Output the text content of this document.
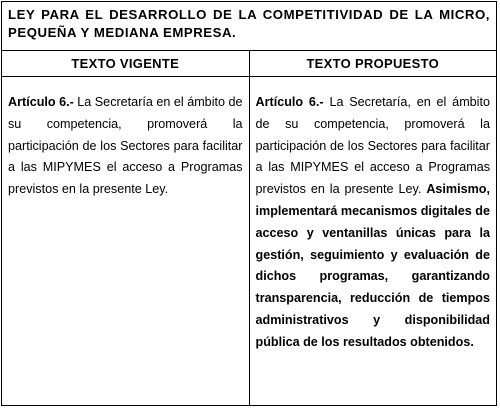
LEY PARA EL DESARROLLO DE LA COMPETITIVIDAD DE LA MICRO, PEQUEÑA Y MEDIANA EMPRESA.	
TEXTO VIGENTE	TEXTO PROPUESTO
Artículo 6.- La Secretaría en el ámbito de su competencia, promoverá la participación de los Sectores para facilitar a las MIPYMES el acceso a Programas previstos en la presente Ley.	Artículo 6.- La Secretaría, en el ámbito de su competencia, promoverá la participación de los Sectores para facilitar a las MIPYMES el acceso a Programas previstos en la presente Ley. Asimismo, implementará mecanismos digitales de acceso y ventanillas únicas para la gestión, seguimiento y evaluación de dichos programas, garantizando transparencia, reducción de tiempos administrativos y disponibilidad pública de los resultados obtenidos.
